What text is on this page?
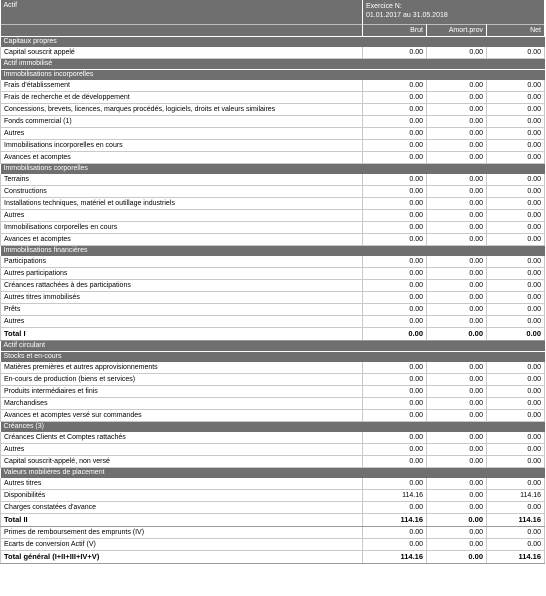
Actif	Exercice N:
01.01.2017 au 31.05.2018		

	Brut	Amort.prov	Net
Capitaux propres			
Capital souscrit appelé	0.00	0.00	0.00
Actif immobilisé			
Immobilisations incorporelles			
Frais d'établissement	0.00	0.00	0.00
Frais de recherche et de développement	0.00	0.00	0.00
Concessions, brevets, licences, marques procédés, logiciels, droits et valeurs similaires	0.00	0.00	0.00
Fonds commercial (1)	0.00	0.00	0.00
Autres	0.00	0.00	0.00
Immobilisations incorporelles en cours	0.00	0.00	0.00
Avances et acomptes	0.00	0.00	0.00
Immobilisations corporelles			
Terrains	0.00	0.00	0.00
Constructions	0.00	0.00	0.00
Installations techniques, matériel et outillage industriels	0.00	0.00	0.00
Autres	0.00	0.00	0.00
Immobilisations corporelles en cours	0.00	0.00	0.00
Avances et acomptes	0.00	0.00	0.00
Immobilisations financières			
Participations	0.00	0.00	0.00
Autres participations	0.00	0.00	0.00
Créances rattachées à des participations	0.00	0.00	0.00
Autres titres immobilisés	0.00	0.00	0.00
Prêts	0.00	0.00	0.00
Autres	0.00	0.00	0.00
Total I	0.00	0.00	0.00
Actif circulant			
Stocks et en-cours			
Matières premières et autres approvisionnements	0.00	0.00	0.00
En-cours de production (biens et services)	0.00	0.00	0.00
Produits intermédiaires et finis	0.00	0.00	0.00
Marchandises	0.00	0.00	0.00
Avances et acomptes versé sur commandes	0.00	0.00	0.00
Créances (3)			
Créances Clients et Comptes rattachés	0.00	0.00	0.00
Autres	0.00	0.00	0.00
Capital souscrit-appelé, non versé	0.00	0.00	0.00
Valeurs mobilières de placement			
Autres titres	0.00	0.00	0.00
Disponibilités	114.16	0.00	114.16
Charges constatées d'avance	0.00	0.00	0.00
Total II	114.16	0.00	114.16
Primes de remboursement des emprunts (IV)	0.00	0.00	0.00
Ecarts de conversion Actif (V)	0.00	0.00	0.00
Total général (I+II+III+IV+V)	114.16	0.00	114.16
